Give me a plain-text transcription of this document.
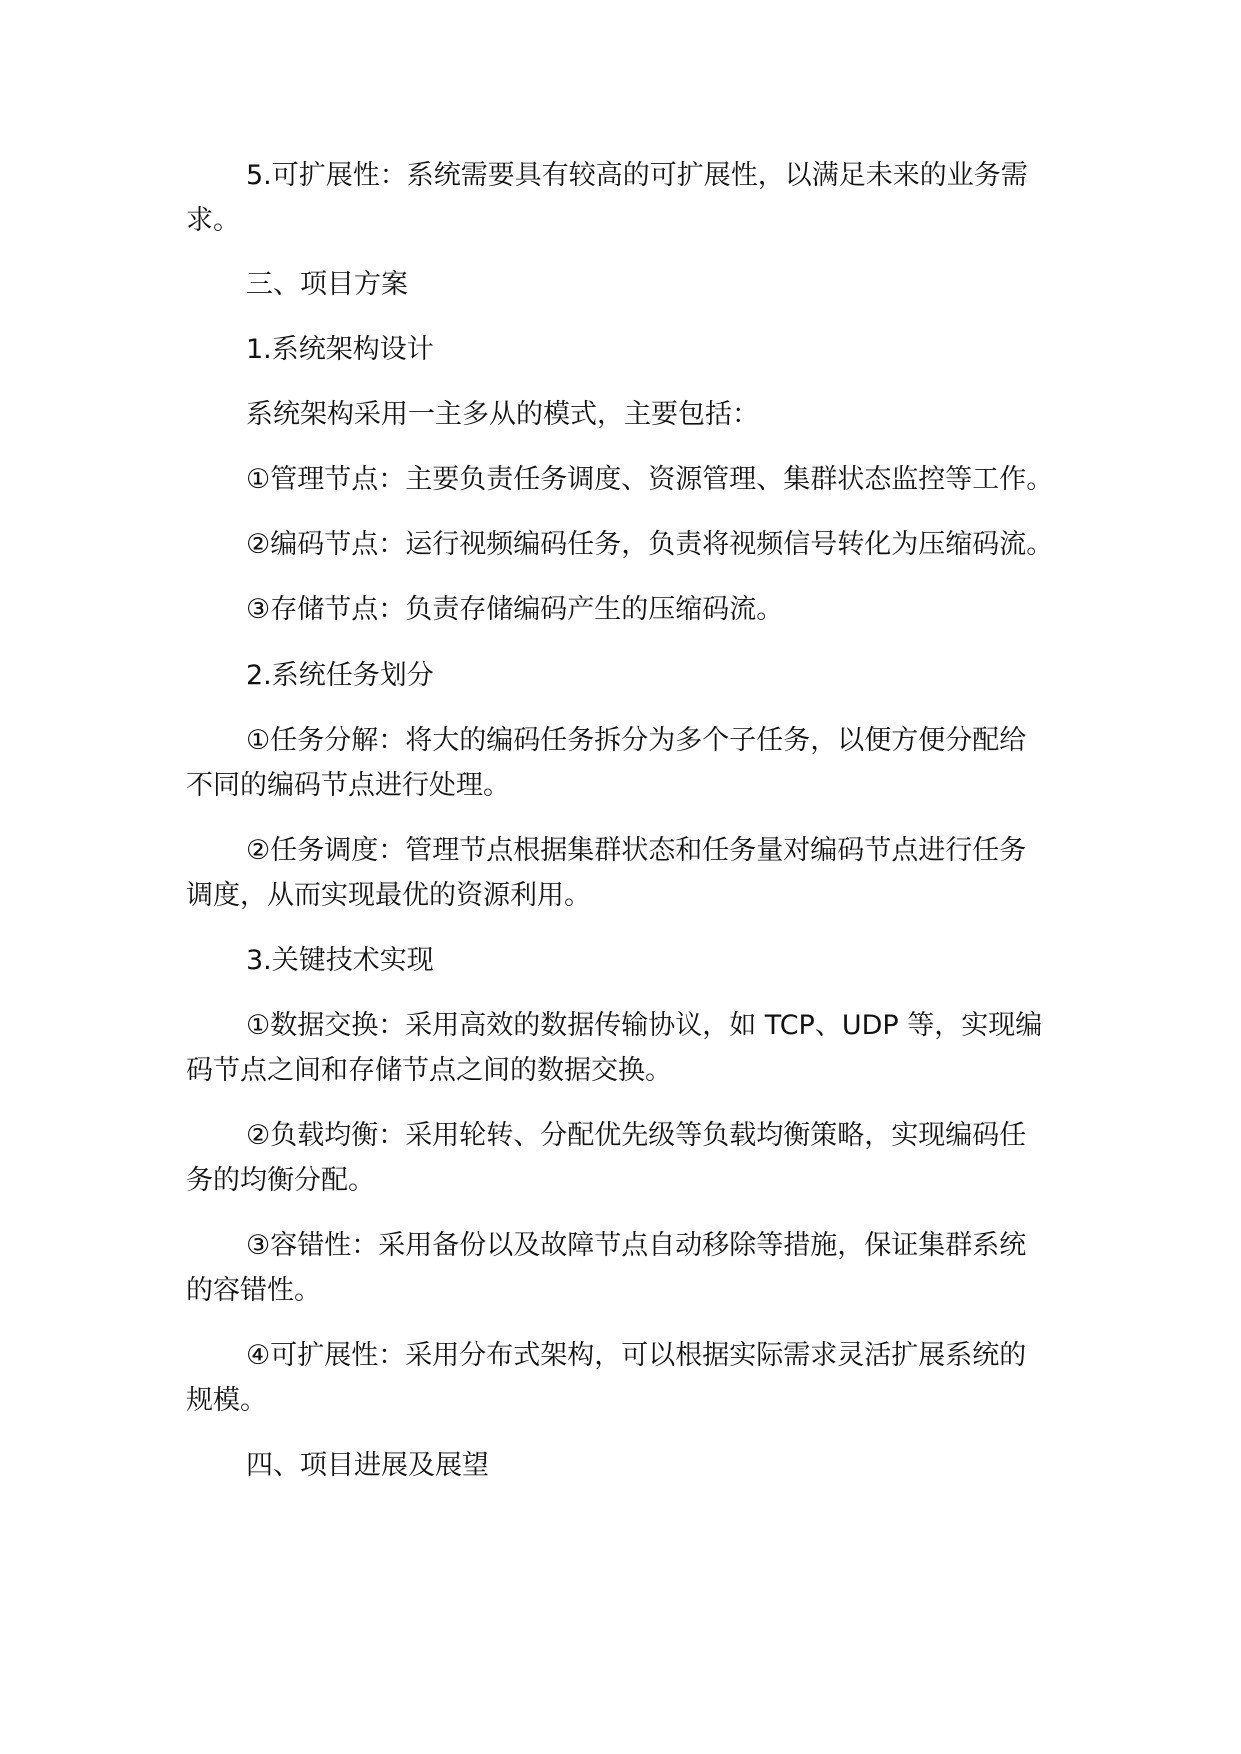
5.可扩展性：系统需要具有较高的可扩展性，以满足未来的业务需
求。
三、项目方案
1.系统架构设计
系统架构采用一主多从的模式，主要包括：
①管理节点：主要负责任务调度、资源管理、集群状态监控等工作。
②编码节点：运行视频编码任务，负责将视频信号转化为压缩码流。
③存储节点：负责存储编码产生的压缩码流。
2.系统任务划分
①任务分解：将大的编码任务拆分为多个子任务，以便方便分配给
不同的编码节点进行处理。
②任务调度：管理节点根据集群状态和任务量对编码节点进行任务
调度，从而实现最优的资源利用。
3.关键技术实现
①数据交换：采用高效的数据传输协议，如 TCP、UDP 等，实现编
码节点之间和存储节点之间的数据交换。
②负载均衡：采用轮转、分配优先级等负载均衡策略，实现编码任
务的均衡分配。
③容错性：采用备份以及故障节点自动移除等措施，保证集群系统
的容错性。
④可扩展性：采用分布式架构，可以根据实际需求灵活扩展系统的
规模。
四、项目进展及展望
